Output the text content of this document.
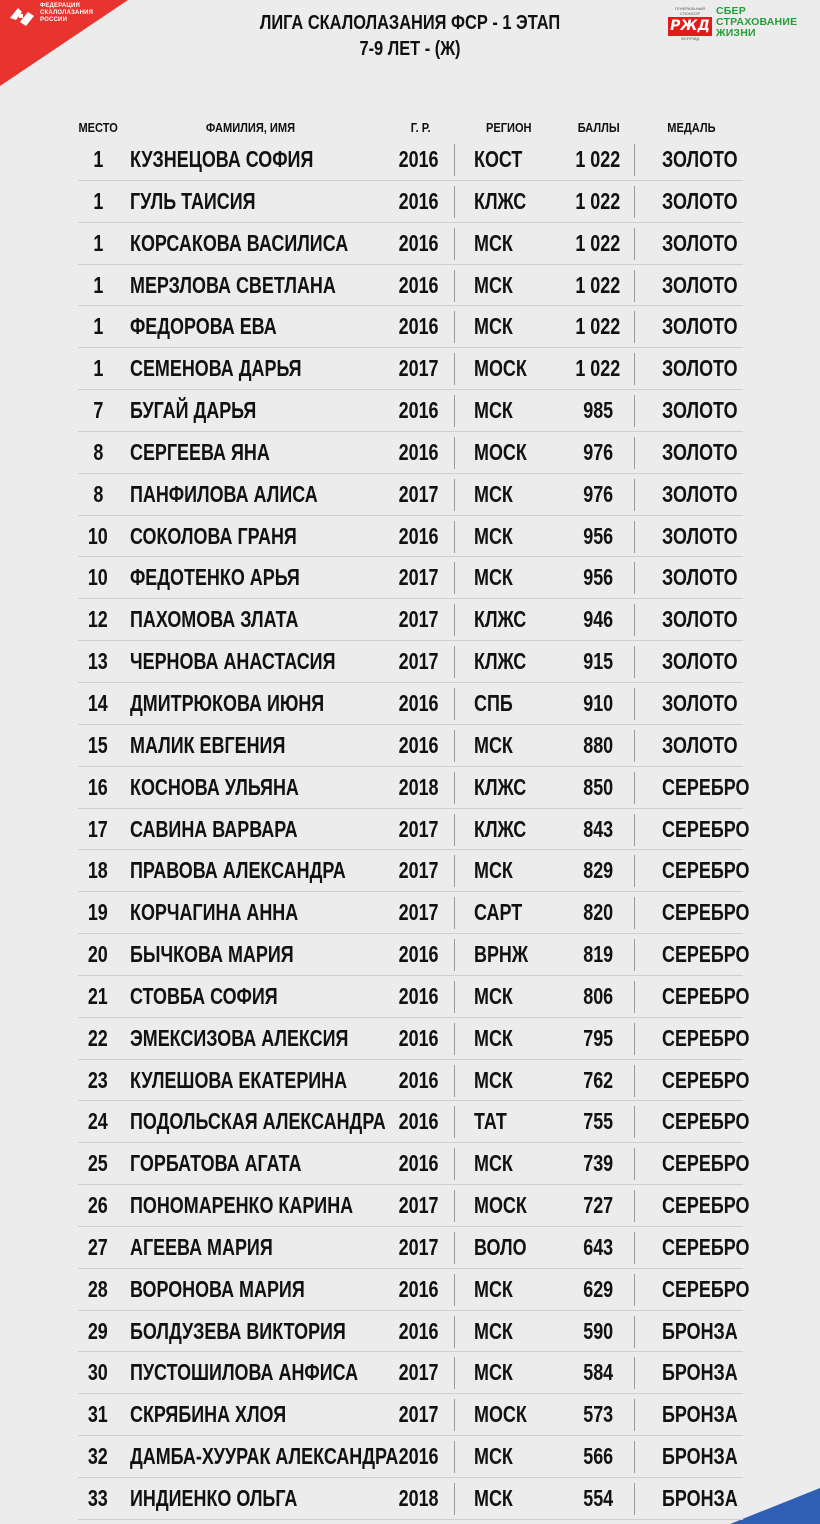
ФЕДЕРАЦИЯ СКАЛОЛАЗАНИЯ РОССИИ	ЛИГА СКАЛОЛАЗАНИЯ ФСР - 1 ЭТАП
7-9 ЛЕТ - (Ж)
ГЕНЕРАЛЬНЫЙ СПОНСОР
РЖД
ФСР.РЖД
СБЕР
СТРАХОВАНИЕ
ЖИЗНИ
МЕСТО	ФАМИЛИЯ, ИМЯ	Г. Р.	РЕГИОН	БАЛЛЫ	МЕДАЛЬ
1	КУЗНЕЦОВА СОФИЯ	2016	КОСТ	1 022	ЗОЛОТО
1	ГУЛЬ ТАИСИЯ	2016	КЛЖС	1 022	ЗОЛОТО
1	КОРСАКОВА ВАСИЛИСА	2016	МСК	1 022	ЗОЛОТО
1	МЕРЗЛОВА СВЕТЛАНА	2016	МСК	1 022	ЗОЛОТО
1	ФЕДОРОВА ЕВА	2016	МСК	1 022	ЗОЛОТО
1	СЕМЕНОВА ДАРЬЯ	2017	МОСК	1 022	ЗОЛОТО
7	БУГАЙ ДАРЬЯ	2016	МСК	985	ЗОЛОТО
8	СЕРГЕЕВА ЯНА	2016	МОСК	976	ЗОЛОТО
8	ПАНФИЛОВА АЛИСА	2017	МСК	976	ЗОЛОТО
10 СОКОЛОВА ГРАНЯ	2016	МСК	956	ЗОЛОТО
10 ФЕДОТЕНКО АРЬЯ	2017	МСК	956	ЗОЛОТО
12 ПАХОМОВА ЗЛАТА	2017	КЛЖС	946	ЗОЛОТО
13 ЧЕРНОВА АНАСТАСИЯ	2017	КЛЖС	915	ЗОЛОТО
14 ДМИТРЮКОВА ИЮНЯ	2016	СПБ	910	ЗОЛОТО
15 МАЛИК ЕВГЕНИЯ	2016	МСК	880	ЗОЛОТО
16 КОСНОВА УЛЬЯНА	2018	КЛЖС	850	СЕРЕБРО
17 САВИНА ВАРВАРА	2017	КЛЖС	843	СЕРЕБРО
18 ПРАВОВА АЛЕКСАНДРА	2017	МСК	829	СЕРЕБРО
19 КОРЧАГИНА АННА	2017	САРТ	820	СЕРЕБРО
20 БЫЧКОВА МАРИЯ	2016	ВРНЖ	819	СЕРЕБРО
21 СТОВБА СОФИЯ	2016	МСК	806	СЕРЕБРО
22 ЭМЕКСИЗОВА АЛЕКСИЯ	2016	МСК	795	СЕРЕБРО
23 КУЛЕШОВА ЕКАТЕРИНА	2016	МСК	762	СЕРЕБРО
24 ПОДОЛЬСКАЯ АЛЕКСАНДРА 2016	ТАТ	755	СЕРЕБРО
25 ГОРБАТОВА АГАТА	2016	МСК	739	СЕРЕБРО
26 ПОНОМАРЕНКО КАРИНА	2017	МОСК	727	СЕРЕБРО
27 АГЕЕВА МАРИЯ	2017	ВОЛО	643	СЕРЕБРО
28 ВОРОНОВА МАРИЯ	2016	МСК	629	СЕРЕБРО
29 БОЛДУЗЕВА ВИКТОРИЯ	2016	МСК	590	БРОНЗА
30 ПУСТОШИЛОВА АНФИСА	2017	МСК	584	БРОНЗА
31 СКРЯБИНА ХЛОЯ	2017	МОСК	573	БРОНЗА
32 ДАМБА-ХУУРАК АЛЕКСАНДРА 2016	МСК	566	БРОНЗА
33 ИНДИЕНКО ОЛЬГА	2018	МСК	554	БРОНЗА
